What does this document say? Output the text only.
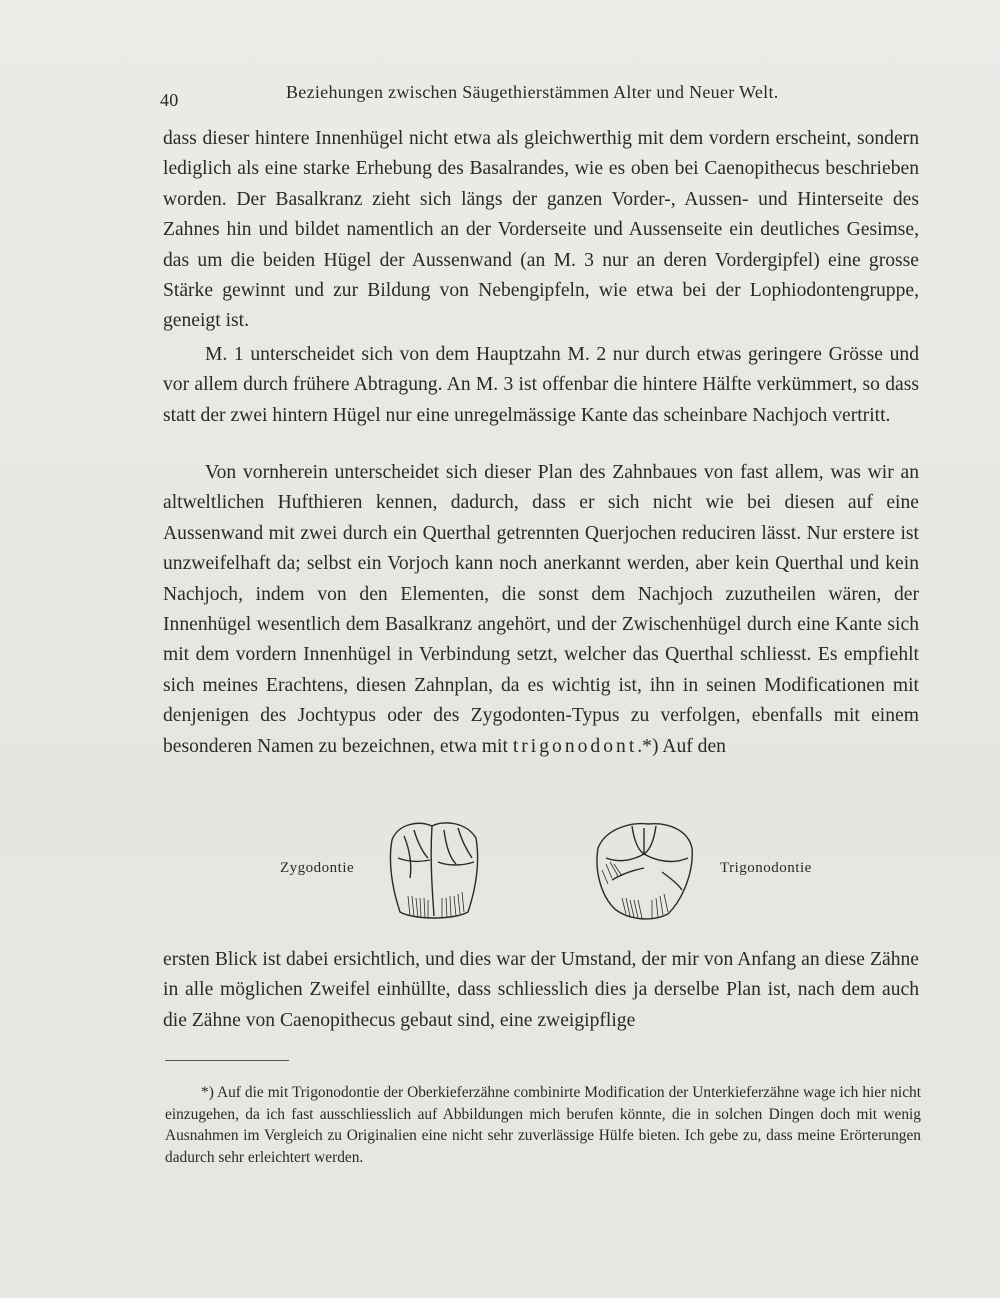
40	Beziehungen zwischen Säugethierstämmen Alter und Neuer Welt.

dass dieser hintere Innenhügel nicht etwa als gleichwerthig mit dem vordern erscheint, sondern lediglich als eine starke Erhebung des Basalrandes, wie es oben bei Caenopithecus beschrieben worden. Der Basalkranz zieht sich längs der ganzen Vorder-, Aussen- und Hinterseite des Zahnes hin und bildet namentlich an der Vorderseite und Aussenseite ein deutliches Gesimse, das um die beiden Hügel der Aussenwand (an M. 3 nur an deren Vordergipfel) eine grosse Stärke gewinnt und zur Bildung von Nebengipfeln, wie etwa bei der Lophiodontengruppe, geneigt ist.

M. 1 unterscheidet sich von dem Hauptzahn M. 2 nur durch etwas geringere Grösse und vor allem durch frühere Abtragung. An M. 3 ist offenbar die hintere Hälfte verkümmert, so dass statt der zwei hintern Hügel nur eine unregelmässige Kante das scheinbare Nachjoch vertritt.

Von vornherein unterscheidet sich dieser Plan des Zahnbaues von fast allem, was wir an altweltlichen Hufthieren kennen, dadurch, dass er sich nicht wie bei diesen auf eine Aussenwand mit zwei durch ein Querthal getrennten Querjochen reduciren lässt. Nur erstere ist unzweifelhaft da; selbst ein Vorjoch kann noch anerkannt werden, aber kein Querthal und kein Nachjoch, indem von den Elementen, die sonst dem Nachjoch zuzutheilen wären, der Innenhügel wesentlich dem Basalkranz angehört, und der Zwischenhügel durch eine Kante sich mit dem vordern Innenhügel in Verbindung setzt, welcher das Querthal schliesst. Es empfiehlt sich meines Erachtens, diesen Zahnplan, da es wichtig ist, ihn in seinen Modificationen mit denjenigen des Jochtypus oder des Zygodonten-Typus zu verfolgen, ebenfalls mit einem besonderen Namen zu bezeichnen, etwa mit trigonodont.*) Auf den

Zygodontie	Trigonodontie

ersten Blick ist dabei ersichtlich, und dies war der Umstand, der mir von Anfang an diese Zähne in alle möglichen Zweifel einhüllte, dass schliesslich dies ja derselbe Plan ist, nach dem auch die Zähne von Caenopithecus gebaut sind, eine zweigipflige

*) Auf die mit Trigonodontie der Oberkieferzähne combinirte Modification der Unterkieferzähne wage ich hier nicht einzugehen, da ich fast ausschliesslich auf Abbildungen mich berufen könnte, die in solchen Dingen doch mit wenig Ausnahmen im Vergleich zu Originalien eine nicht sehr zuverlässige Hülfe bieten. Ich gebe zu, dass meine Erörterungen dadurch sehr erleichtert werden.
